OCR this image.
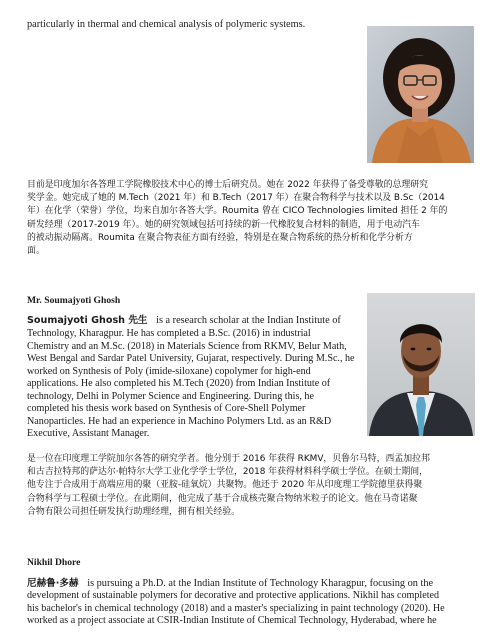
particularly in thermal and chemical analysis of polymeric systems.
目前是印度加尔各答理工学院橡胶技术中心的博士后研究员。她在 2022 年获得了备受尊敬的总理研究
奖学金。她完成了她的 M.Tech（2021 年）和 B.Tech（2017 年）在聚合物科学与技术以及 B.Sc（2014
年）在化学（荣誉）学位，均来自加尔各答大学。Roumita 曾在 CICO Technologies limited 担任 2 年的
研发经理（2017-2019 年）。她的研究领域包括可持续的新一代橡胶复合材料的制造，用于电动汽车
的被动振动隔离。Roumita 在聚合物表征方面有经验，特别是在聚合物系统的热分析和化学分析方
面。
Mr. Soumajyoti Ghosh
Soumajyoti Ghosh 先生 is a research scholar at the Indian Institute of
Technology, Kharagpur. He has completed a B.Sc. (2016) in industrial
Chemistry and an M.Sc. (2018) in Materials Science from RKMV, Belur Math,
West Bengal and Sardar Patel University, Gujarat, respectively. During M.Sc., he
worked on Synthesis of Poly (imide-siloxane) copolymer for high-end
applications. He also completed his M.Tech (2020) from Indian Institute of
technology, Delhi in Polymer Science and Engineering. During this, he
completed his thesis work based on Synthesis of Core-Shell Polymer
Nanoparticles. He had an experience in Machino Polymers Ltd. as an R&D
Executive, Assistant Manager.
是一位在印度理工学院加尔各答的研究学者。他分别于 2016 年获得 RKMV，贝鲁尔马特，西孟加拉邦
和古吉拉特邦的萨达尔·帕特尔大学工业化学学士学位，2018 年获得材料科学硕士学位。在硕士期间，
他专注于合成用于高端应用的聚（亚胺-硅氧烷）共聚物。他还于 2020 年从印度理工学院德里获得聚
合物科学与工程硕士学位。在此期间，他完成了基于合成核壳聚合物纳米粒子的论文。他在马奇诺聚
合物有限公司担任研发执行助理经理，拥有相关经验。
Nikhil Dhore
尼赫鲁·多赫 is pursuing a Ph.D. at the Indian Institute of Technology Kharagpur, focusing on the
development of sustainable polymers for decorative and protective applications. Nikhil has completed
his bachelor's in chemical technology (2018) and a master's specializing in paint technology (2020). He
worked as a project associate at CSIR-Indian Institute of Chemical Technology, Hyderabad, where he
